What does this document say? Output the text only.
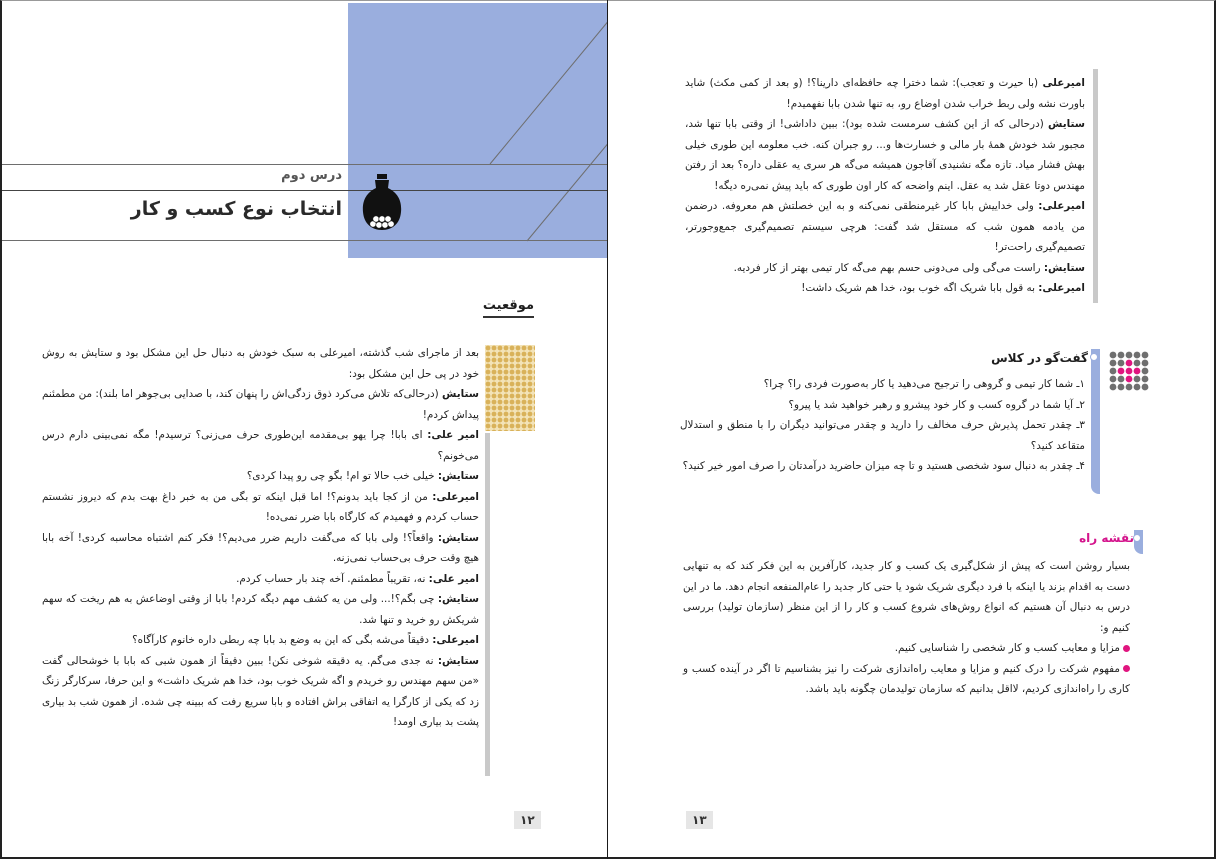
درس دوم
انتخاب نوع کسب و کار
موقعیت

بعد از ماجرای شب گذشته، امیرعلی به سبک خودش به دنبال حل این مشکل بود و ستایش به روش خود در پی حل این مشکل بود:

ستایش (درحالی‌که تلاش می‌کرد ذوق زدگی‌اش را پنهان کند، با صدایی بی‌جوهر اما بلند): من مطمئنم پیداش کردم!

امیر علی: ای بابا! چرا یهو بی‌مقدمه این‌طوری حرف می‌زنی؟ ترسیدم! مگه نمی‌بینی دارم درس می‌خونم؟

ستایش: خیلی خب حالا تو ام! بگو چی رو پیدا کردی؟

امیرعلی: من از کجا باید بدونم؟! اما قبل اینکه تو بگی من به خبر داغ بهت بدم که دیروز نشستم حساب کردم و فهمیدم که کارگاه بابا ضرر نمی‌ده!

ستایش: واقعاً؟! ولی بابا که می‌گفت داریم ضرر می‌دیم؟! فکر کنم اشتباه محاسبه کردی! آخه بابا هیچ وقت حرف بی‌حساب نمی‌زنه.

امیر علی: نه، تقریباً مطمئنم. آخه چند بار حساب کردم.

ستایش: چی بگم؟!... ولی من یه کشف مهم دیگه کردم! بابا از وقتی اوضاعش به هم ریخت که سهم شریکش رو خرید و تنها شد.

امیرعلی: دقیقاً می‌شه بگی که این به وضع بد بابا چه ربطی داره خانوم کارآگاه؟

ستایش: نه جدی می‌گم. یه دقیقه شوخی نکن! ببین دقیقاً از همون شبی که بابا با خوشحالی گفت «من سهم مهندس رو خریدم و اگه شریک خوب بود، خدا هم شریک داشت» و این حرفا، سرکارگر زنگ زد که یکی از کارگرا یه اتفاقی براش افتاده و بابا سریع رفت که ببینه چی شده. از همون شب بد بیاری پشت بد بیاری اومد!

۱۲

امیرعلی (با حیرت و تعجب): شما دخترا چه حافظه‌ای دارینا؟! (و بعد از کمی مکث) شاید باورت نشه ولی ربط خراب شدن اوضاع رو، به تنها شدن بابا نفهمیدم!

ستایش (درحالی که از این کشف سرمست شده بود): ببین داداشی! از وقتی بابا تنها شد، مجبور شد خودش همهٔ بار مالی و خسارت‌ها و... رو جبران کنه. خب معلومه این طوری خیلی بهش فشار میاد. تازه مگه نشنیدی آقاجون همیشه می‌گه هر سری یه عقلی داره؟ بعد از رفتن مهندس دوتا عقل شد یه عقل. اینم واضحه که کار اون طوری که باید پیش نمی‌ره دیگه!

امیرعلی: ولی خداییش بابا کار غیرمنطقی نمی‌کنه و به این خصلتش هم معروفه. درضمن من یادمه همون شب که مستقل شد گفت: هرچی سیستم تصمیم‌گیری جمع‌وجورتر، تصمیم‌گیری راحت‌تر!

ستایش: راست می‌گی ولی می‌دونی حسم بهم می‌گه کار تیمی بهتر از کار فردیه.

امیرعلی: به قول بابا شریک اگه خوب بود، خدا هم شریک داشت!

گفت‌گو در کلاس
۱ـ شما کار تیمی و گروهی را ترجیح می‌دهید یا کار به‌صورت فردی را؟ چرا؟
۲ـ آیا شما در گروه کسب و کار خود پیشرو و رهبر خواهید شد یا پیرو؟
۳ـ چقدر تحمل پذیرش حرف مخالف را دارید و چقدر می‌توانید دیگران را با منطق و استدلال متقاعد کنید؟
۴ـ چقدر به دنبال سود شخصی هستید و تا چه میزان حاضرید درآمدتان را صرف امور خیر کنید؟
نقشه راه

بسیار روشن است که پیش از شکل‌گیری یک کسب و کار جدید، کارآفرین به این فکر کند که به تنهایی دست به اقدام بزند یا اینکه با فرد دیگری شریک شود یا حتی کار جدید را عام‌المنفعه انجام دهد. ما در این درس به دنبال آن هستیم که انواع روش‌های شروع کسب و کار را از این منظر (سازمان تولید) بررسی کنیم و:

مزایا و معایب کسب و کار شخصی را شناسایی کنیم.

مفهوم شرکت را درک کنیم و مزایا و معایب راه‌اندازی شرکت را نیز بشناسیم تا اگر در آینده کسب‌ و کاری را راه‌اندازی کردیم، لااقل بدانیم که سازمان تولیدمان چگونه باید باشد.

۱۳
